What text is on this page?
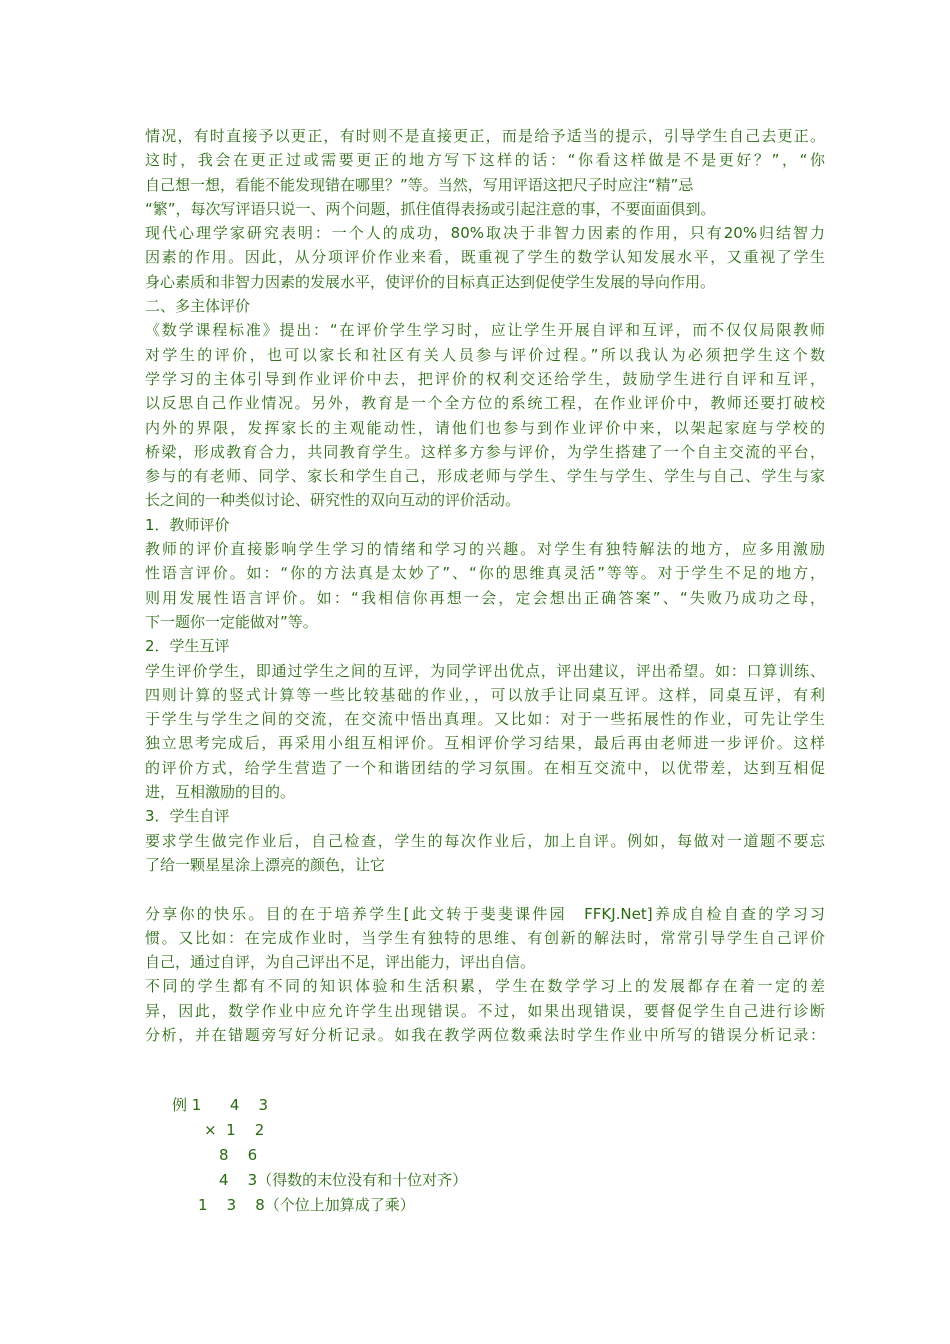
情况，有时直接予以更正，有时则不是直接更正，而是给予适当的提示，引导学生自己去更正。
这时，我会在更正过或需要更正的地方写下这样的话：“你看这样做是不是更好？”，“你
自己想一想，看能不能发现错在哪里？”等。当然，写用评语这把尺子时应注“精”忌
“繁”，每次写评语只说一、两个问题，抓住值得表扬或引起注意的事，不要面面俱到。
现代心理学家研究表明：一个人的成功，80%取决于非智力因素的作用，只有20%归结智力
因素的作用。因此，从分项评价作业来看，既重视了学生的数学认知发展水平，又重视了学生
身心素质和非智力因素的发展水平，使评价的目标真正达到促使学生发展的导向作用。
二、多主体评价
《数学课程标准》提出：“在评价学生学习时，应让学生开展自评和互评，而不仅仅局限教师
对学生的评价，也可以家长和社区有关人员参与评价过程。”所以我认为必须把学生这个数
学学习的主体引导到作业评价中去，把评价的权利交还给学生，鼓励学生进行自评和互评，
以反思自己作业情况。另外，教育是一个全方位的系统工程，在作业评价中，教师还要打破校
内外的界限，发挥家长的主观能动性，请他们也参与到作业评价中来，以架起家庭与学校的
桥梁，形成教育合力，共同教育学生。这样多方参与评价，为学生搭建了一个自主交流的平台，
参与的有老师、同学、家长和学生自己，形成老师与学生、学生与学生、学生与自己、学生与家
长之间的一种类似讨论、研究性的双向互动的评价活动。
1．教师评价
教师的评价直接影响学生学习的情绪和学习的兴趣。对学生有独特解法的地方，应多用激励
性语言评价。如：“你的方法真是太妙了”、“你的思维真灵活”等等。对于学生不足的地方，
则用发展性语言评价。如：“我相信你再想一会，定会想出正确答案”、“失败乃成功之母，
下一题你一定能做对”等。
2．学生互评
学生评价学生，即通过学生之间的互评，为同学评出优点，评出建议，评出希望。如：口算训练、
四则计算的竖式计算等一些比较基础的作业，，可以放手让同桌互评。这样，同桌互评，有利
于学生与学生之间的交流，在交流中悟出真理。又比如：对于一些拓展性的作业，可先让学生
独立思考完成后，再采用小组互相评价。互相评价学习结果，最后再由老师进一步评价。这样
的评价方式，给学生营造了一个和谐团结的学习氛围。在相互交流中，以优带差，达到互相促
进，互相激励的目的。
3．学生自评
要求学生做完作业后，自己检查，学生的每次作业后，加上自评。例如，每做对一道题不要忘
了给一颗星星涂上漂亮的颜色，让它
分享你的快乐。目的在于培养学生[此文转于斐斐课件园　FFKJ.Net]养成自检自查的学习习
惯。又比如：在完成作业时，当学生有独特的思维、有创新的解法时，常常引导学生自己评价
自己，通过自评，为自己评出不足，评出能力，评出自信。
不同的学生都有不同的知识体验和生活积累，学生在数学学习上的发展都存在着一定的差
异，因此，数学作业中应允许学生出现错误。不过，如果出现错误，要督促学生自己进行诊断
分析，并在错题旁写好分析记录。如我在教学两位数乘法时学生作业中所写的错误分析记录：
例 1      4    3
×  1    2
8    6
4    3（得数的末位没有和十位对齐）
1    3    8（个位上加算成了乘）
